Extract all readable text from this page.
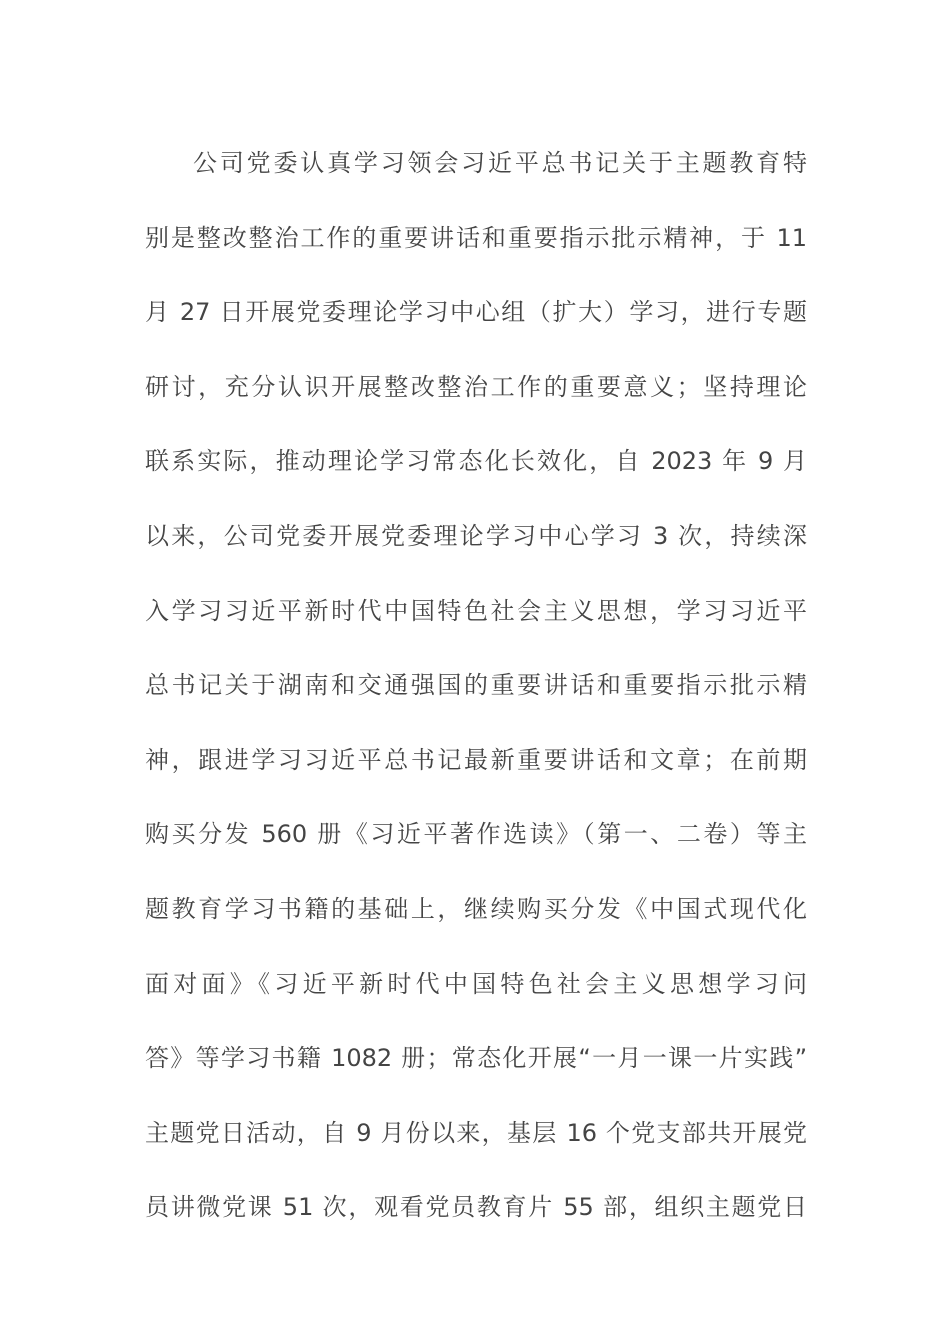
公司党委认真学习领会习近平总书记关于主题教育特
别是整改整治工作的重要讲话和重要指示批示精神，于 11
月 27 日开展党委理论学习中心组（扩大）学习，进行专题
研讨，充分认识开展整改整治工作的重要意义；坚持理论
联系实际，推动理论学习常态化长效化，自 2023 年 9 月
以来，公司党委开展党委理论学习中心学习 3 次，持续深
入学习习近平新时代中国特色社会主义思想，学习习近平
总书记关于湖南和交通强国的重要讲话和重要指示批示精
神，跟进学习习近平总书记最新重要讲话和文章；在前期
购买分发 560 册《习近平著作选读》（第一、二卷）等主
题教育学习书籍的基础上，继续购买分发《中国式现代化
面对面》《习近平新时代中国特色社会主义思想学习问
答》等学习书籍 1082 册；常态化开展“一月一课一片实践”
主题党日活动，自 9 月份以来，基层 16 个党支部共开展党
员讲微党课 51 次，观看党员教育片 55 部，组织主题党日
